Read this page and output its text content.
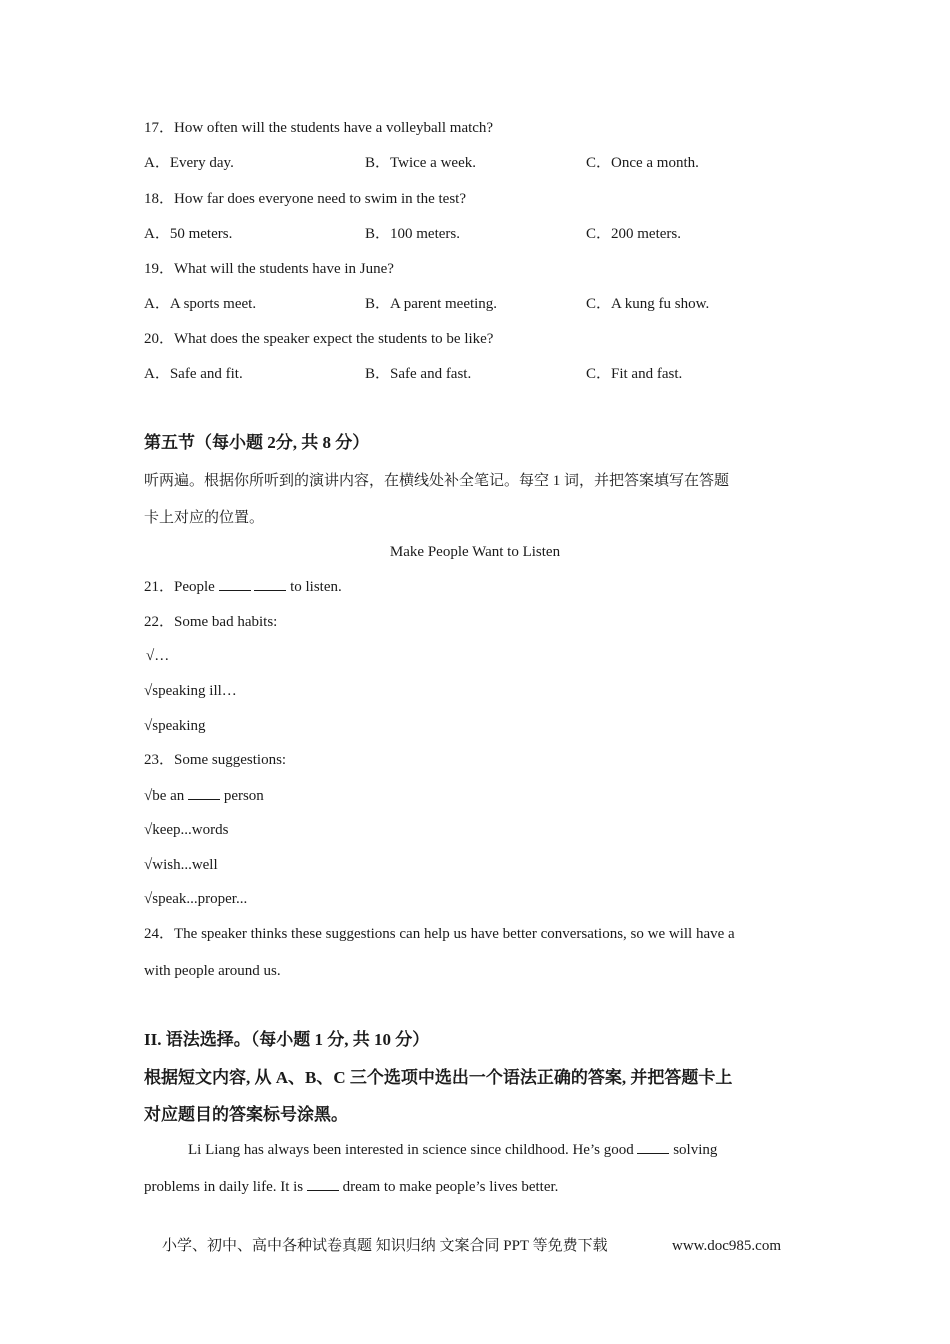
17．How often will the students have a volleyball match?
A．Every day.	B．Twice a week.	C．Once a month.
18．How far does everyone need to swim in the test?
A．50 meters.	B．100 meters.	C．200 meters.
19．What will the students have in June?
A．A sports meet.	B．A parent meeting.	C．A kung fu show.
20．What does the speaker expect the students to be like?
A．Safe and fit.	B．Safe and fast.	C．Fit and fast.
第五节（每小题 2分, 共 8 分）
听两遍。根据你所听到的演讲内容，在横线处补全笔记。每空 1 词，并把答案填写在答题
卡上对应的位置。
Make People Want to Listen
21．People	to listen.
22．Some bad habits:
√…
√speaking ill…
√speaking
23．Some suggestions:
√be an	person
√keep...words
√wish...well
√speak...proper...
24．The speaker thinks these suggestions can help us have better conversations, so we will have a
with people around us.
II. 语法选择。（每小题 1 分, 共 10 分）
根据短文内容, 从 A、B、C 三个选项中选出一个语法正确的答案, 并把答题卡上
对应题目的答案标号涂黑。
Li Liang has always been interested in science since childhood. He’s good	solving
problems in daily life. It is	dream to make people’s lives better.
小学、初中、高中各种试卷真题 知识归纳 文案合同 PPT 等免费下载	www.doc985.com
